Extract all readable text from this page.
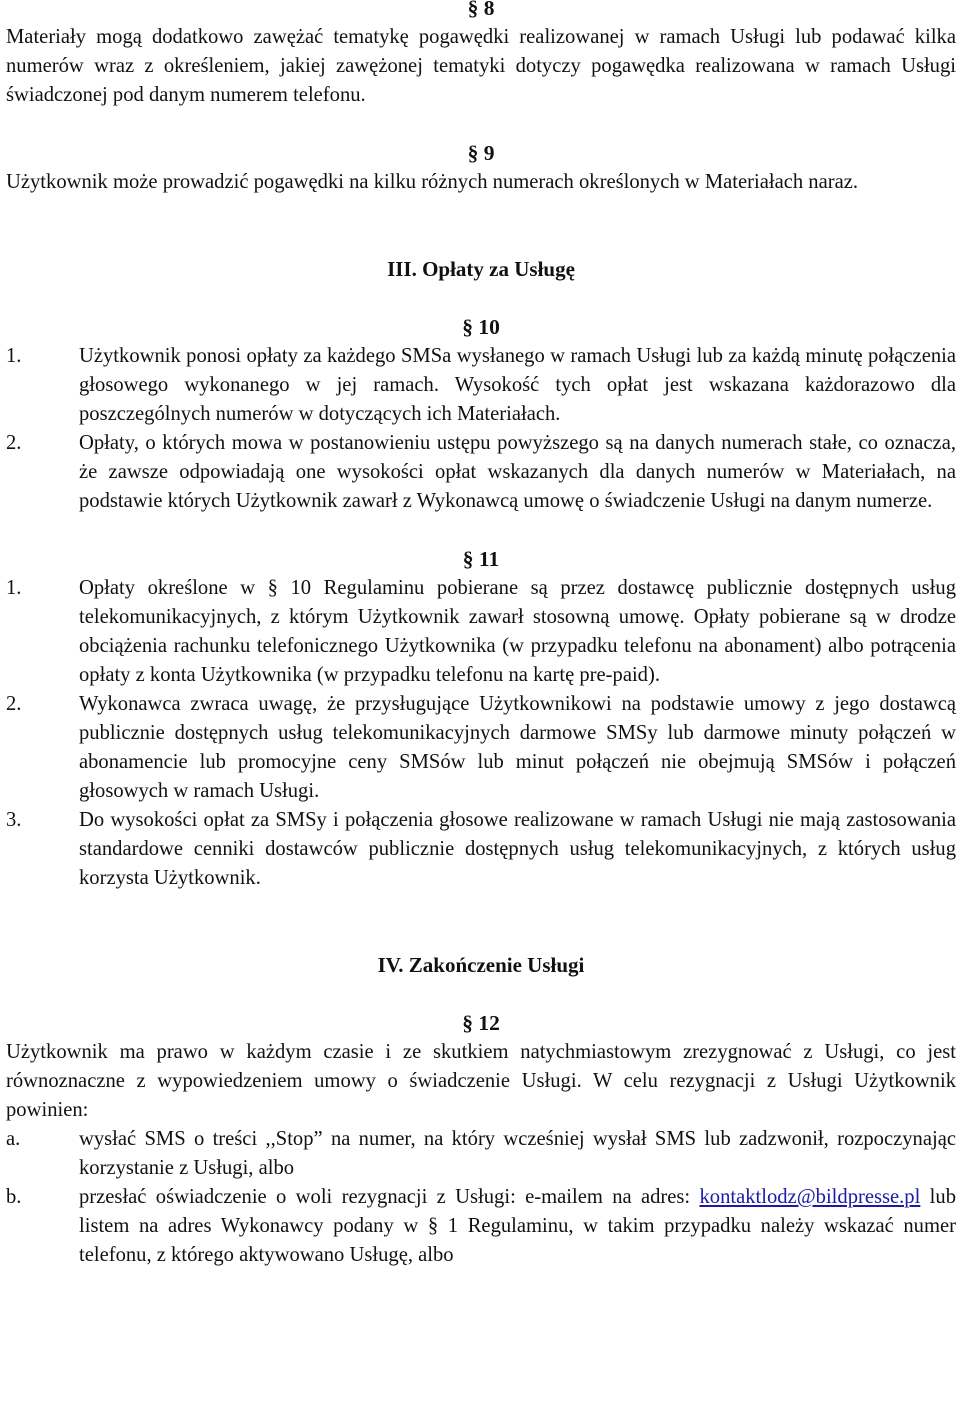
§ 8

Materiały mogą dodatkowo zawężać tematykę pogawędki realizowanej w ramach Usługi lub podawać kilka numerów wraz z określeniem, jakiej zawężonej tematyki dotyczy pogawędka realizowana w ramach Usługi świadczonej pod danym numerem telefonu.

§ 9

Użytkownik może prowadzić pogawędki na kilku różnych numerach określonych w Materiałach naraz.

III. Opłaty za Usługę
§ 10
1.	Użytkownik ponosi opłaty za każdego SMSa wysłanego w ramach Usługi lub za każdą minutę połączenia głosowego wykonanego w jej ramach. Wysokość tych opłat jest wskazana każdorazowo dla poszczególnych numerów w dotyczących ich Materiałach.
2.	Opłaty, o których mowa w postanowieniu ustępu powyższego są na danych numerach stałe, co oznacza, że zawsze odpowiadają one wysokości opłat wskazanych dla danych numerów w Materiałach, na podstawie których Użytkownik zawarł z Wykonawcą umowę o świadczenie Usługi na danym numerze.
§ 11
1.	Opłaty określone w § 10 Regulaminu pobierane są przez dostawcę publicznie dostępnych usług telekomunikacyjnych, z którym Użytkownik zawarł stosowną umowę. Opłaty pobierane są w drodze obciążenia rachunku telefonicznego Użytkownika (w przypadku telefonu na abonament) albo potrącenia opłaty z konta Użytkownika (w przypadku telefonu na kartę pre-paid).
2.	Wykonawca zwraca uwagę, że przysługujące Użytkownikowi na podstawie umowy z jego dostawcą publicznie dostępnych usług telekomunikacyjnych darmowe SMSy lub darmowe minuty połączeń w abonamencie lub promocyjne ceny SMSów lub minut połączeń nie obejmują SMSów i połączeń głosowych w ramach Usługi.
3.	Do wysokości opłat za SMSy i połączenia głosowe realizowane w ramach Usługi nie mają zastosowania standardowe cenniki dostawców publicznie dostępnych usług telekomunikacyjnych, z których usług korzysta Użytkownik.
IV. Zakończenie Usługi
§ 12

Użytkownik ma prawo w każdym czasie i ze skutkiem natychmiastowym zrezygnować z Usługi, co jest równoznaczne z wypowiedzeniem umowy o świadczenie Usługi. W celu rezygnacji z Usługi Użytkownik powinien:

a.	wysłać SMS o treści ,,Stop” na numer, na który wcześniej wysłał SMS lub zadzwonił, rozpoczynając korzystanie z Usługi, albo
b.	przesłać oświadczenie o woli rezygnacji z Usługi: e-mailem na adres: kontaktlodz@bildpresse.pl lub listem na adres Wykonawcy podany w § 1 Regulaminu, w takim przypadku należy wskazać numer telefonu, z którego aktywowano Usługę, albo
